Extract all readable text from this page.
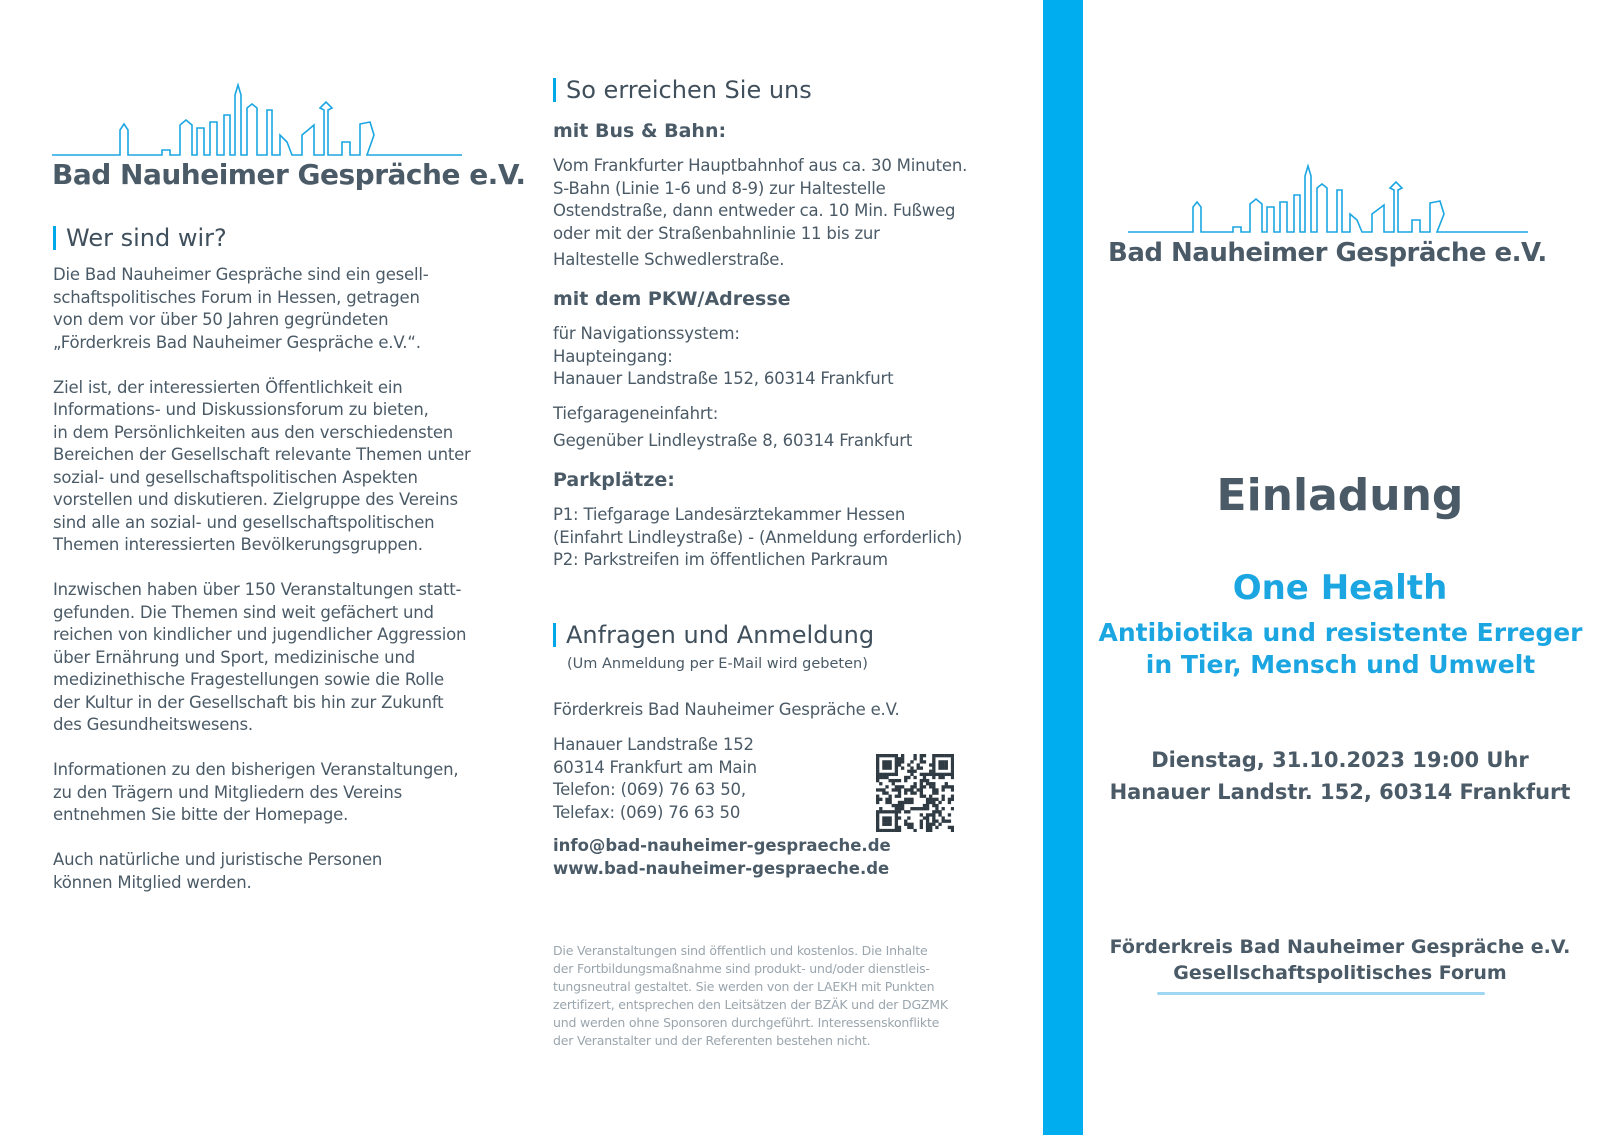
Bad Nauheimer Gespräche e.V.
Wer sind wir?

Die Bad Nauheimer Gespräche sind ein gesell-
schaftspolitisches Forum in Hessen, getragen
von dem vor über 50 Jahren gegründeten
„Förderkreis Bad Nauheimer Gespräche e.V.“.

Ziel ist, der interessierten Öffentlichkeit ein
Informations- und Diskussionsforum zu bieten,
in dem Persönlichkeiten aus den verschiedensten
Bereichen der Gesellschaft relevante Themen unter
sozial- und gesellschaftspolitischen Aspekten
vorstellen und diskutieren. Zielgruppe des Vereins
sind alle an sozial- und gesellschaftspolitischen
Themen interessierten Bevölkerungsgruppen.

Inzwischen haben über 150 Veranstaltungen statt-
gefunden. Die Themen sind weit gefächert und
reichen von kindlicher und jugendlicher Aggression
über Ernährung und Sport, medizinische und
medizinethische Fragestellungen sowie die Rolle
der Kultur in der Gesellschaft bis hin zur Zukunft
des Gesundheitswesens.

Informationen zu den bisherigen Veranstaltungen,
zu den Trägern und Mitgliedern des Vereins
entnehmen Sie bitte der Homepage.

Auch natürliche und juristische Personen
können Mitglied werden.

So erreichen Sie uns
mit Bus & Bahn:
Vom Frankfurter Hauptbahnhof aus ca. 30 Minuten.
S-Bahn (Linie 1-6 und 8-9) zur Haltestelle
Ostendstraße, dann entweder ca. 10 Min. Fußweg
oder mit der Straßenbahnlinie 11 bis zur
Haltestelle Schwedlerstraße.
mit dem PKW/Adresse
für Navigationssystem:
Haupteingang:
Hanauer Landstraße 152, 60314 Frankfurt
Tiefgarageneinfahrt:
Gegenüber Lindleystraße 8, 60314 Frankfurt
Parkplätze:
P1: Tiefgarage Landesärztekammer Hessen
(Einfahrt Lindleystraße) - (Anmeldung erforderlich)
P2: Parkstreifen im öffentlichen Parkraum
Anfragen und Anmeldung
(Um Anmeldung per E-Mail wird gebeten)
Förderkreis Bad Nauheimer Gespräche e.V.
Hanauer Landstraße 152
60314 Frankfurt am Main
Telefon: (069) 76 63 50,
Telefax: (069) 76 63 50
info@bad-nauheimer-gespraeche.de
www.bad-nauheimer-gespraeche.de
Die Veranstaltungen sind öffentlich und kostenlos. Die Inhalte
der Fortbildungsmaßnahme sind produkt- und/oder dienstleis-
tungsneutral gestaltet. Sie werden von der LAEKH mit Punkten
zertifizert, entsprechen den Leitsätzen der BZÄK und der DGZMK
und werden ohne Sponsoren durchgeführt. Interessenskonflikte
der Veranstalter und der Referenten bestehen nicht.
Bad Nauheimer Gespräche e.V.
Einladung
One Health
Antibiotika und resistente Erreger
in Tier, Mensch und Umwelt
Dienstag, 31.10.2023 19:00 Uhr
Hanauer Landstr. 152, 60314 Frankfurt
Förderkreis Bad Nauheimer Gespräche e.V.
Gesellschaftspolitisches Forum
